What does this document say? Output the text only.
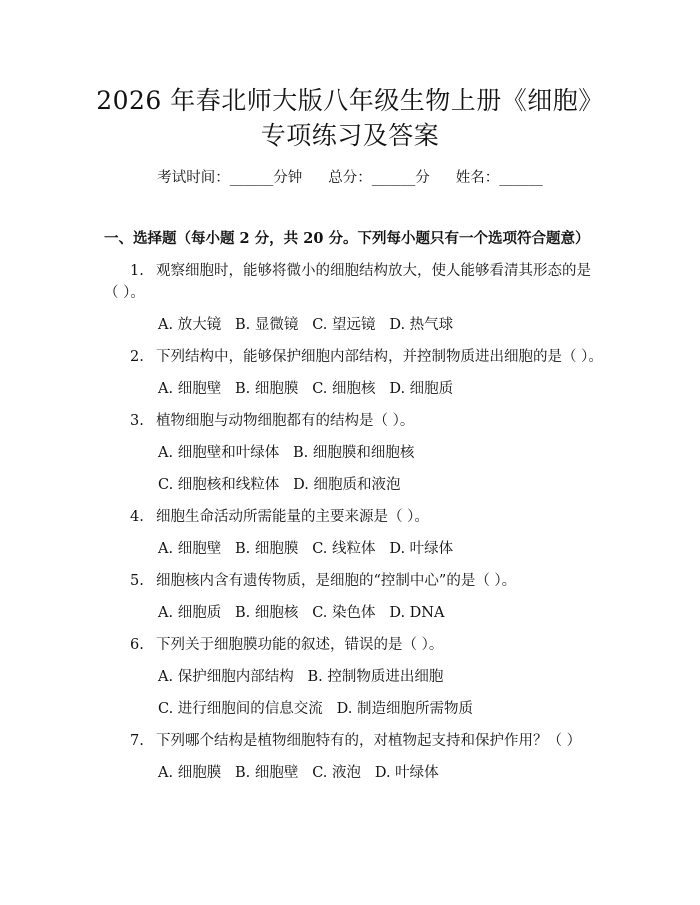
2026 年春北师大版八年级生物上册《细胞》
专项练习及答案
考试时间：______分钟 总分：______分 姓名：______
一、选择题（每小题 2 分，共 20 分。下列每小题只有一个选项符合题意）
1. 观察细胞时，能够将微小的细胞结构放大，使人能够看清其形态的是
（ ）。
A. 放大镜   B. 显微镜   C. 望远镜   D. 热气球
2. 下列结构中，能够保护细胞内部结构，并控制物质进出细胞的是（ ）。
A. 细胞壁   B. 细胞膜   C. 细胞核   D. 细胞质
3. 植物细胞与动物细胞都有的结构是（ ）。
A. 细胞壁和叶绿体   B. 细胞膜和细胞核
C. 细胞核和线粒体   D. 细胞质和液泡
4. 细胞生命活动所需能量的主要来源是（ ）。
A. 细胞壁   B. 细胞膜   C. 线粒体   D. 叶绿体
5. 细胞核内含有遗传物质，是细胞的“控制中心”的是（ ）。
A. 细胞质   B. 细胞核   C. 染色体   D. DNA
6. 下列关于细胞膜功能的叙述，错误的是（ ）。
A. 保护细胞内部结构   B. 控制物质进出细胞
C. 进行细胞间的信息交流   D. 制造细胞所需物质
7. 下列哪个结构是植物细胞特有的，对植物起支持和保护作用？（ ）
A. 细胞膜   B. 细胞壁   C. 液泡   D. 叶绿体
